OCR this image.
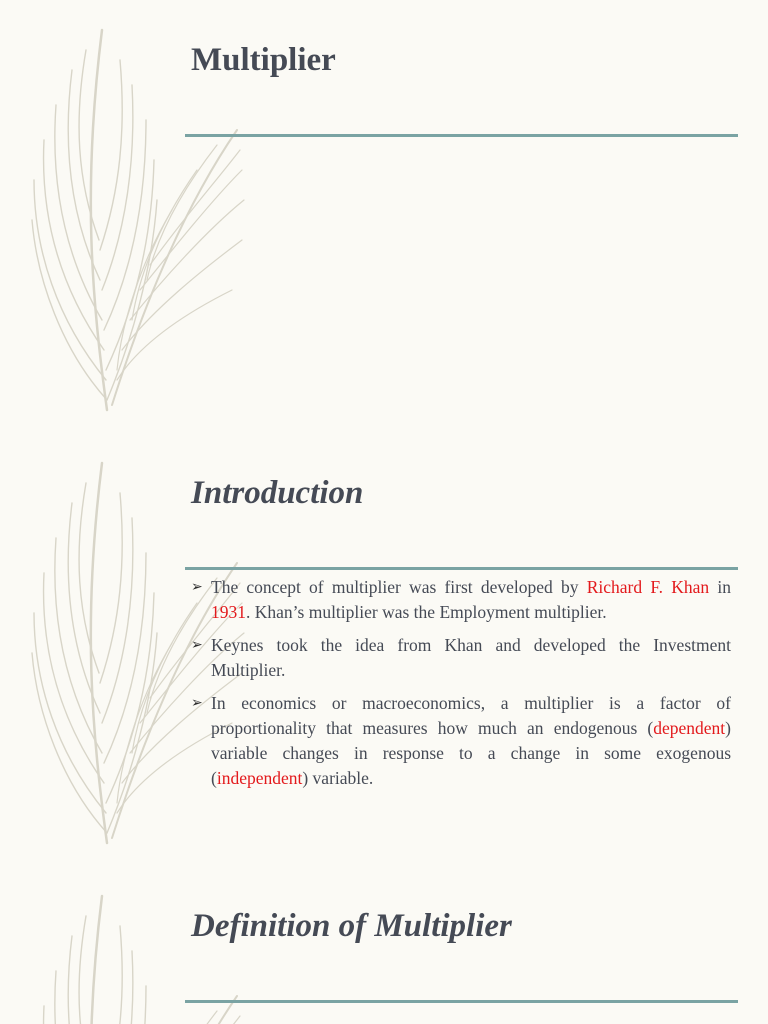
Multiplier
Introduction
➢ The concept of multiplier was first developed by Richard F. Khan in 1931. Khan’s multiplier was the Employment multiplier.
➢ Keynes took the idea from Khan and developed the Investment Multiplier.
➢ In economics or macroeconomics, a multiplier is a factor of proportionality that measures how much an endogenous (dependent) variable changes in response to a change in some exogenous (independent) variable.
Definition of Multiplier
